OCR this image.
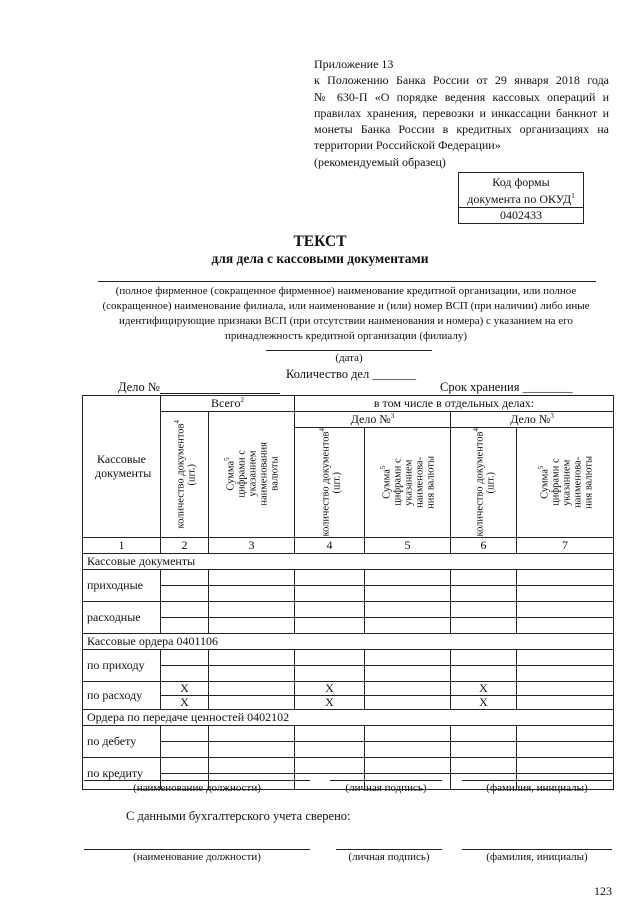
Приложение 13
к Положению Банка России от 29 января 2018 года
№ 630-П «О порядке ведения кассовых операций и
правилах хранения, перевозки и инкассации банкнот и
монеты Банка России в кредитных организациях на
территории Российской Федерации»
(рекомендуемый образец)
Код формы
документа по ОКУД$^1$
0402433
ТЕКСТ
для дела с кассовыми документами
(полное фирменное (сокращенное фирменное) наименование кредитной организации, или полное (сокращенное) наименование филиала, или наименование и (или) номер ВСП (при наличии) либо иные идентифицирующие признаки ВСП (при отсутствии наименования и номера) с указанием на его принадлежность кредитной организации (филиалу)
(дата)
Количество дел _______
Дело №	Срок хранения ________
Кассовые документы	Всего$^2$		в том числе в отдельных делах:			

	количество документов$^4$
(шт.)	Сумма$^5$ цифрами с
указанием
наименования
валюты	Дело №$^3$		Дело №$^3$

			количество документов$^4$
(шт.)	Сумма$^5$ цифрами с
указанием
наименова-
ния валюты	количество документов$^4$
(шт.)	Сумма$^5$ цифрами с
указанием
наименова-
ния валюты

1	2	3	4	5	6	7
Кассовые документы						
приходные						

расходные						

Кассовые ордера 0401106						
по приходу						

по расходу	X		X		X	
	X		X		X	
Ордера по передаче ценностей 0402102						
по дебету						

по кредиту						

(наименование должности)	(личная подпись)	(фамилия, инициалы)
С данными бухгалтерского учета сверено:
(наименование должности)	(личная подпись)	(фамилия, инициалы)
123
